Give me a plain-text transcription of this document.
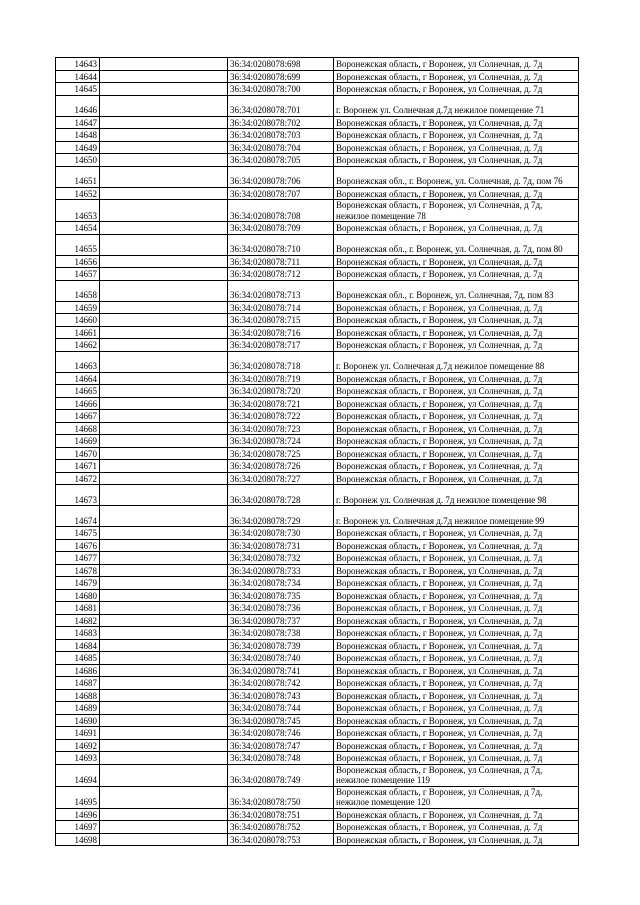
14643		36:34:0208078:698	Воронежская область, г Воронеж, ул Солнечная, д. 7д
14644		36:34:0208078:699	Воронежская область, г Воронеж, ул Солнечная, д. 7д
14645		36:34:0208078:700	Воронежская область, г Воронеж, ул Солнечная, д. 7д
14646		36:34:0208078:701	г. Воронеж ул. Солнечная д.7д нежилое помещение 71
14647		36:34:0208078:702	Воронежская область, г Воронеж, ул Солнечная, д. 7д
14648		36:34:0208078:703	Воронежская область, г Воронеж, ул Солнечная, д. 7д
14649		36:34:0208078:704	Воронежская область, г Воронеж, ул Солнечная, д. 7д
14650		36:34:0208078:705	Воронежская область, г Воронеж, ул Солнечная, д. 7д
14651		36:34:0208078:706	Воронежская обл., г. Воронеж, ул. Солнечная, д. 7д, пом 76
14652		36:34:0208078:707	Воронежская область, г Воронеж, ул Солнечная, д. 7д
14653		36:34:0208078:708	Воронежская область, г Воронеж, ул Солнечная, д 7д, нежилое помещение 78
14654		36:34:0208078:709	Воронежская область, г Воронеж, ул Солнечная, д. 7д
14655		36:34:0208078:710	Воронежская обл., г. Воронеж, ул. Солнечная, д. 7д, пом 80
14656		36:34:0208078:711	Воронежская область, г Воронеж, ул Солнечная, д. 7д
14657		36:34:0208078:712	Воронежская область, г Воронеж, ул Солнечная, д. 7д
14658		36:34:0208078:713	Воронежская обл., г. Воронеж, ул. Солнечная, 7д, пом 83
14659		36:34:0208078:714	Воронежская область, г Воронеж, ул Солнечная, д. 7д
14660		36:34:0208078:715	Воронежская область, г Воронеж, ул Солнечная, д. 7д
14661		36:34:0208078:716	Воронежская область, г Воронеж, ул Солнечная, д. 7д
14662		36:34:0208078:717	Воронежская область, г Воронеж, ул Солнечная, д. 7д
14663		36:34:0208078:718	г. Воронеж ул. Солнечная д.7д нежилое помещение 88
14664		36:34:0208078:719	Воронежская область, г Воронеж, ул Солнечная, д. 7д
14665		36:34:0208078:720	Воронежская область, г Воронеж, ул Солнечная, д. 7д
14666		36:34:0208078:721	Воронежская область, г Воронеж, ул Солнечная, д. 7д
14667		36:34:0208078:722	Воронежская область, г Воронеж, ул Солнечная, д. 7д
14668		36:34:0208078:723	Воронежская область, г Воронеж, ул Солнечная, д. 7д
14669		36:34:0208078:724	Воронежская область, г Воронеж, ул Солнечная, д. 7д
14670		36:34:0208078:725	Воронежская область, г Воронеж, ул Солнечная, д. 7д
14671		36:34:0208078:726	Воронежская область, г Воронеж, ул Солнечная, д. 7д
14672		36:34:0208078:727	Воронежская область, г Воронеж, ул Солнечная, д. 7д
14673		36:34:0208078:728	г. Воронеж ул. Солнечная д. 7д нежилое помещение 98
14674		36:34:0208078:729	г. Воронеж ул. Солнечная д.7д нежилое помещение 99
14675		36:34:0208078:730	Воронежская область, г Воронеж, ул Солнечная, д. 7д
14676		36:34:0208078:731	Воронежская область, г Воронеж, ул Солнечная, д. 7д
14677		36:34:0208078:732	Воронежская область, г Воронеж, ул Солнечная, д. 7д
14678		36:34:0208078:733	Воронежская область, г Воронеж, ул Солнечная, д. 7д
14679		36:34:0208078:734	Воронежская область, г Воронеж, ул Солнечная, д. 7д
14680		36:34:0208078:735	Воронежская область, г Воронеж, ул Солнечная, д. 7д
14681		36:34:0208078:736	Воронежская область, г Воронеж, ул Солнечная, д. 7д
14682		36:34:0208078:737	Воронежская область, г Воронеж, ул Солнечная, д. 7д
14683		36:34:0208078:738	Воронежская область, г Воронеж, ул Солнечная, д. 7д
14684		36:34:0208078:739	Воронежская область, г Воронеж, ул Солнечная, д. 7д
14685		36:34:0208078:740	Воронежская область, г Воронеж, ул Солнечная, д. 7д
14686		36:34:0208078:741	Воронежская область, г Воронеж, ул Солнечная, д. 7д
14687		36:34:0208078:742	Воронежская область, г Воронеж, ул Солнечная, д. 7д
14688		36:34:0208078:743	Воронежская область, г Воронеж, ул Солнечная, д. 7д
14689		36:34:0208078:744	Воронежская область, г Воронеж, ул Солнечная, д. 7д
14690		36:34:0208078:745	Воронежская область, г Воронеж, ул Солнечная, д. 7д
14691		36:34:0208078:746	Воронежская область, г Воронеж, ул Солнечная, д. 7д
14692		36:34:0208078:747	Воронежская область, г Воронеж, ул Солнечная, д. 7д
14693		36:34:0208078:748	Воронежская область, г Воронеж, ул Солнечная, д. 7д
14694		36:34:0208078:749	Воронежская область, г Воронеж, ул Солнечная, д 7д, нежилое помещение 119
14695		36:34:0208078:750	Воронежская область, г Воронеж, ул Солнечная, д 7д, нежилое помещение 120
14696		36:34:0208078:751	Воронежская область, г Воронеж, ул Солнечная, д. 7д
14697		36:34:0208078:752	Воронежская область, г Воронеж, ул Солнечная, д. 7д
14698		36:34:0208078:753	Воронежская область, г Воронеж, ул Солнечная, д. 7д
